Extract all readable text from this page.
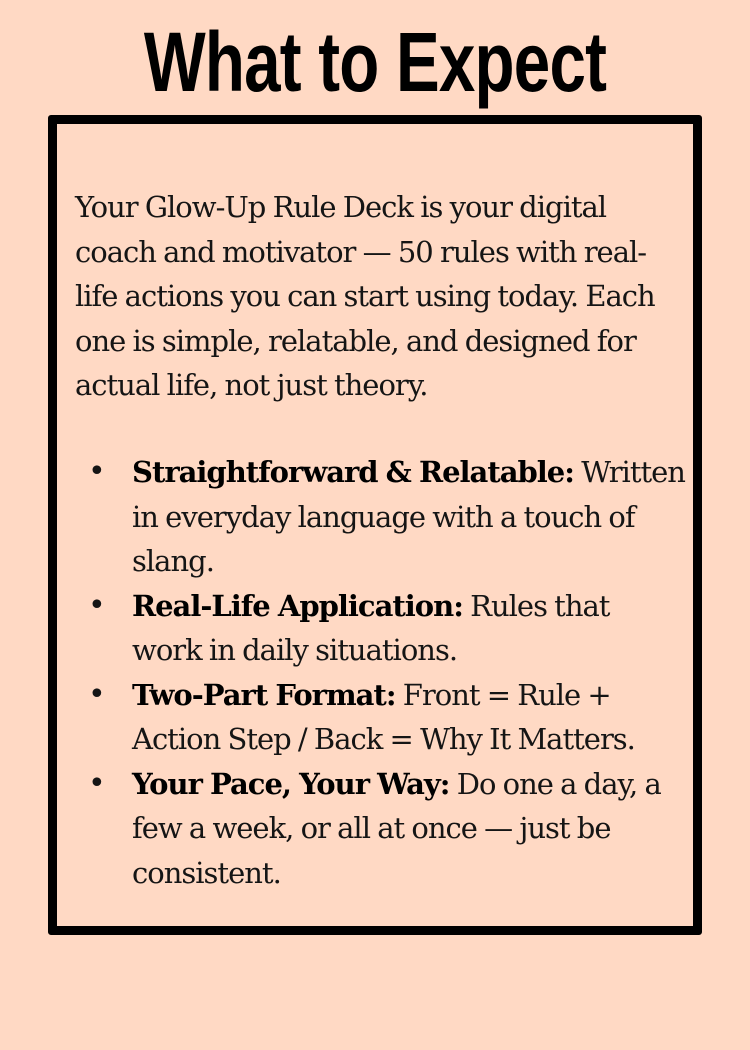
What to Expect

Your Glow-Up Rule Deck is your digital coach and motivator — 50 rules with real-life actions you can start using today. Each one is simple, relatable, and designed for actual life, not just theory.

• Straightforward & Relatable: Written in everyday language with a touch of slang.
• Real-Life Application: Rules that work in daily situations.
• Two-Part Format: Front = Rule + Action Step / Back = Why It Matters.
• Your Pace, Your Way: Do one a day, a few a week, or all at once — just be consistent.
